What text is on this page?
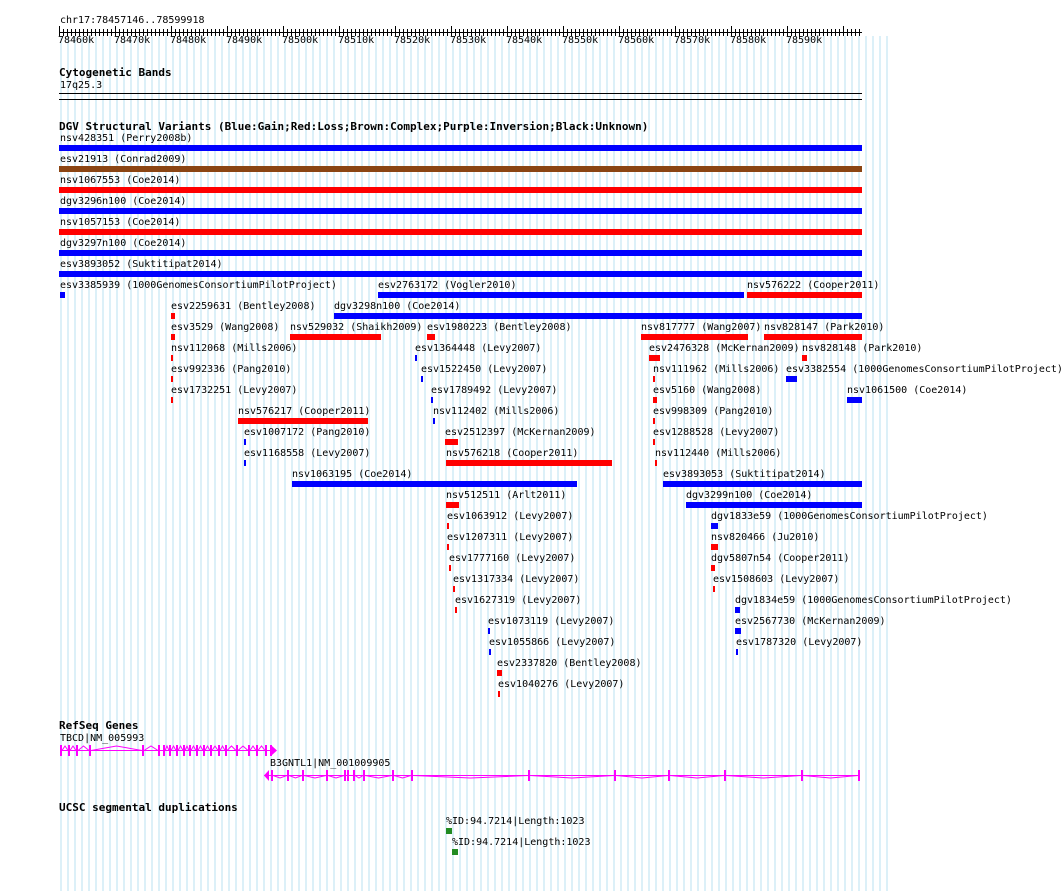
chr17:78457146..78599918
78460k 78470k 78480k 78490k 78500k 78510k 78520k 78530k 78540k 78550k 78560k 78570k 78580k 78590k
Cytogenetic Bands
17q25.3
DGV Structural Variants (Blue:Gain;Red:Loss;Brown:Complex;Purple:Inversion;Black:Unknown)
nsv428351 (Perry2008b)
esv21913 (Conrad2009)
nsv1067553 (Coe2014)
dgv3296n100 (Coe2014)
nsv1057153 (Coe2014)
dgv3297n100 (Coe2014)
esv3893052 (Suktitipat2014)
esv3385939 (1000GenomesConsortiumPilotProject)	esv2763172 (Vogler2010)	nsv576222 (Cooper2011)
esv2259631 (Bentley2008) dgv3298n100 (Coe2014)
esv3529 (Wang2008) nsv529032 (Shaikh2009) esv1980223 (Bentley2008)	nsv817777 (Wang2007) nsv828147 (Park2010)
nsv112068 (Mills2006)	esv1364448 (Levy2007)	esv2476328 (McKernan2009) nsv828148 (Park2010)
esv992336 (Pang2010)	esv1522450 (Levy2007)	nsv111962 (Mills2006) esv3382554 (1000GenomesConsortiumPilotProject)
esv1732251 (Levy2007)	esv1789492 (Levy2007)	esv5160 (Wang2008)	nsv1061500 (Coe2014)
nsv576217 (Cooper2011)	nsv112402 (Mills2006)	esv998309 (Pang2010)
esv1007172 (Pang2010)	esv2512397 (McKernan2009)	esv1288528 (Levy2007)
esv1168558 (Levy2007)	nsv576218 (Cooper2011)	nsv112440 (Mills2006)
nsv1063195 (Coe2014)	esv3893053 (Suktitipat2014)
nsv512511 (Arlt2011)	dgv3299n100 (Coe2014)
esv1063912 (Levy2007)	dgv1833e59 (1000GenomesConsortiumPilotProject)
esv1207311 (Levy2007)	nsv820466 (Ju2010)
esv1777160 (Levy2007)	dgv5807n54 (Cooper2011)
esv1317334 (Levy2007)	esv1508603 (Levy2007)
esv1627319 (Levy2007)	dgv1834e59 (1000GenomesConsortiumPilotProject)
esv1073119 (Levy2007)	esv2567730 (McKernan2009)
esv1055866 (Levy2007)	esv1787320 (Levy2007)
esv2337820 (Bentley2008)
esv1040276 (Levy2007)
RefSeq Genes
TBCD|NM_005993
B3GNTL1|NM_001009905
UCSC segmental duplications
%ID:94.7214|Length:1023
%ID:94.7214|Length:1023
